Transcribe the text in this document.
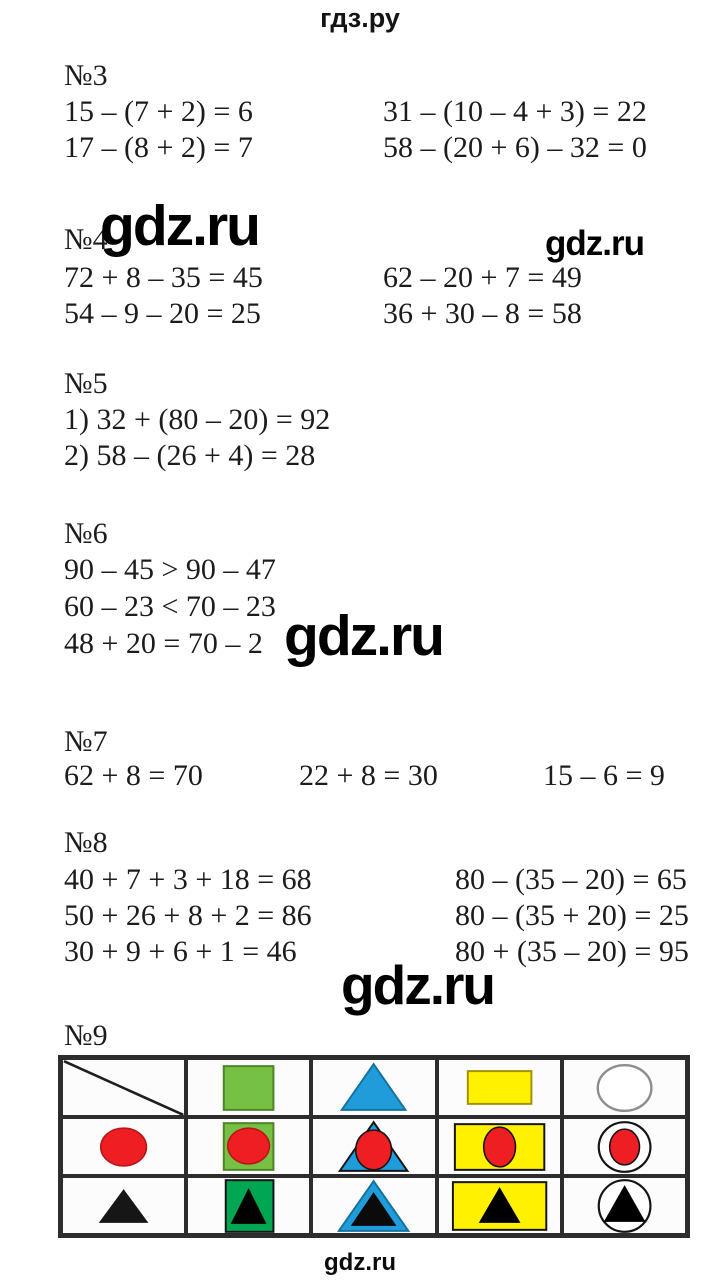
гдз.ру
№3
15 – (7 + 2) = 6	31 – (10 – 4 + 3) = 22
17 – (8 + 2) = 7	58 – (20 + 6) – 32 = 0
№4
gdz.ru	gdz.ru
72 + 8 – 35 = 45	62 – 20 + 7 = 49
54 – 9 – 20 = 25	36 + 30 – 8 = 58
№5
1) 32 + (80 – 20) = 92
2) 58 – (26 + 4) = 28
№6
90 – 45 > 90 – 47
60 – 23 < 70 – 23
48 + 20 = 70 – 2 gdz.ru
№7
62 + 8 = 70	22 + 8 = 30	15 – 6 = 9
№8
40 + 7 + 3 + 18 = 68	80 – (35 – 20) = 65
50 + 26 + 8 + 2 = 86	80 – (35 + 20) = 25
30 + 9 + 6 + 1 = 46	80 + (35 – 20) = 95
gdz.ru
№9
gdz.ru
